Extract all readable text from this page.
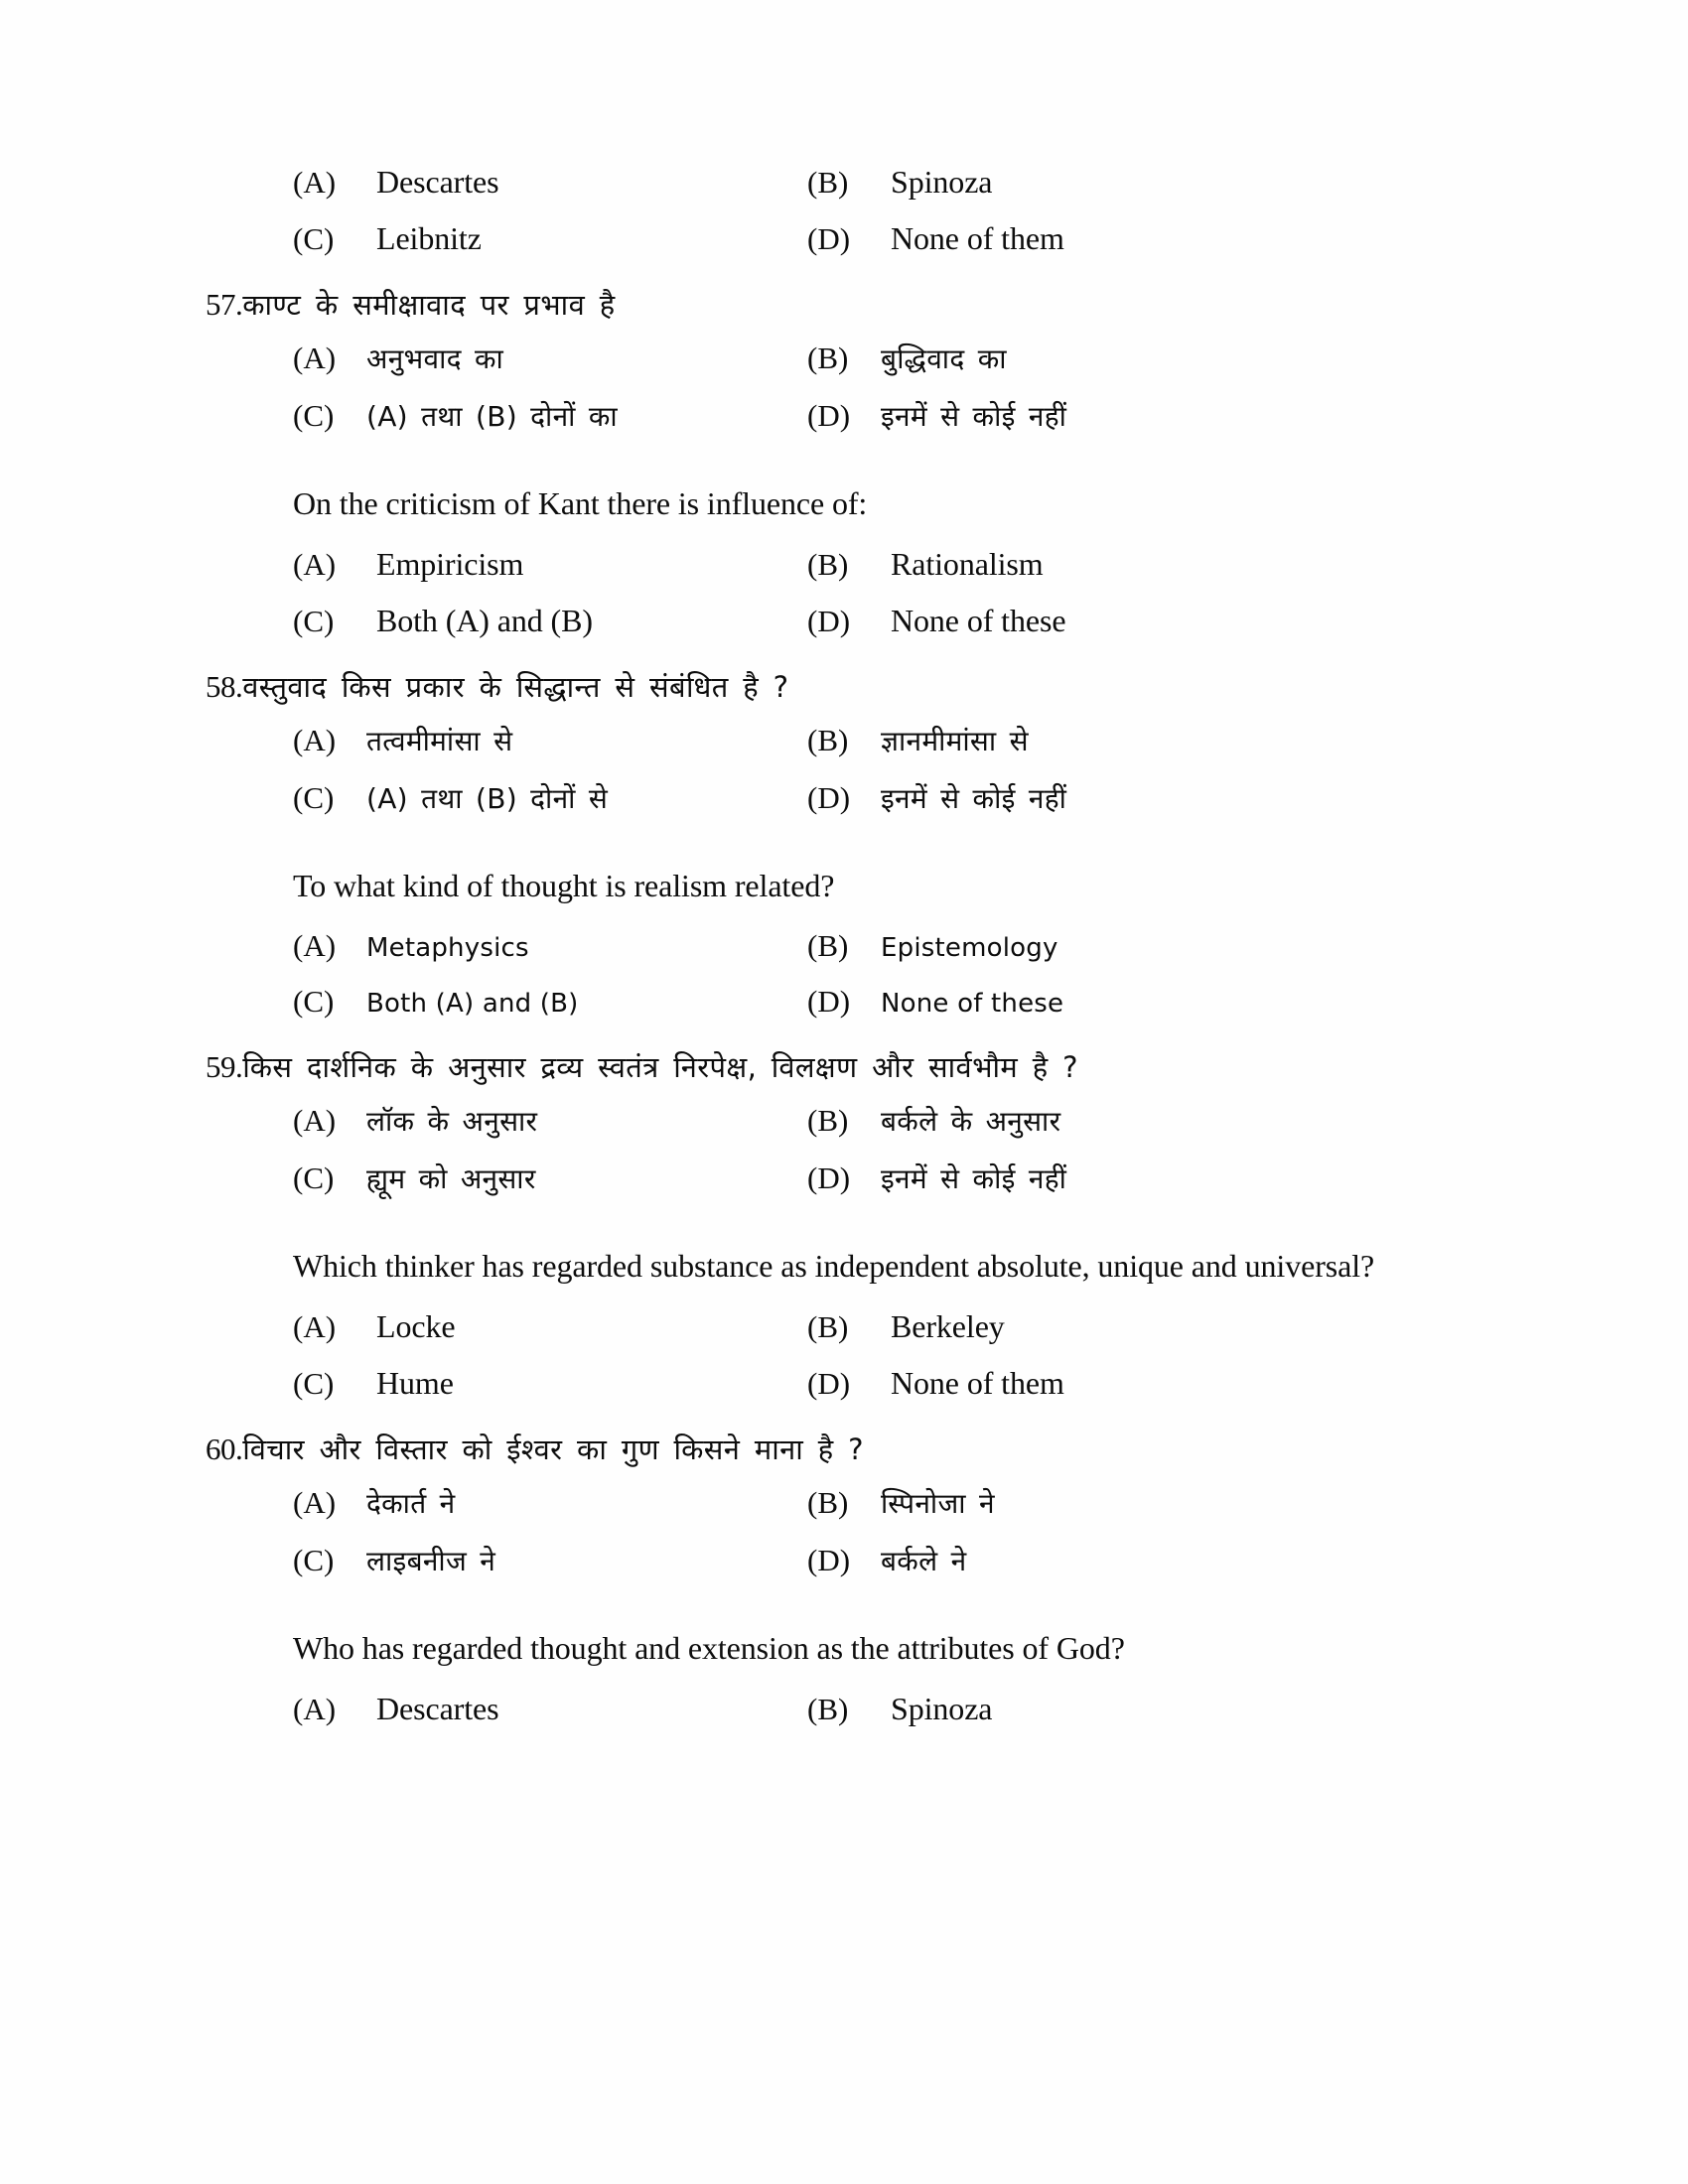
(A)	Descartes	(B)	Spinoza
(C)	Leibnitz	(D)	None of them
57. काण्ट के समीक्षावाद पर प्रभाव है
(A)	अनुभवाद का	(B)	बुद्धिवाद का
(C)	(A) तथा (B) दोनों का	(D)	इनमें से कोई नहीं
On the criticism of Kant there is influence of:
(A)	Empiricism	(B)	Rationalism
(C)	Both (A) and (B)	(D)	None of these
58. वस्तुवाद किस प्रकार के सिद्धान्त से संबंधित है ?
(A)	तत्वमीमांसा से	(B)	ज्ञानमीमांसा से
(C)	(A) तथा (B) दोनों से	(D)	इनमें से कोई नहीं
To what kind of thought is realism related?
(A)	Metaphysics	(B)	Epistemology
(C)	Both (A) and (B)	(D)	None of these
59. किस दार्शनिक के अनुसार द्रव्य स्वतंत्र निरपेक्ष, विलक्षण और सार्वभौम है ?
(A)	लॉक के अनुसार	(B)	बर्कले के अनुसार
(C)	ह्यूम को अनुसार	(D)	इनमें से कोई नहीं
Which thinker has regarded substance as independent absolute, unique and universal?
(A)	Locke	(B)	Berkeley
(C)	Hume	(D)	None of them
60. विचार और विस्तार को ईश्वर का गुण किसने माना है ?
(A)	देकार्त ने	(B)	स्पिनोजा ने
(C)	लाइबनीज ने	(D)	बर्कले ने
Who has regarded thought and extension as the attributes of God?
(A)	Descartes	(B)	Spinoza
